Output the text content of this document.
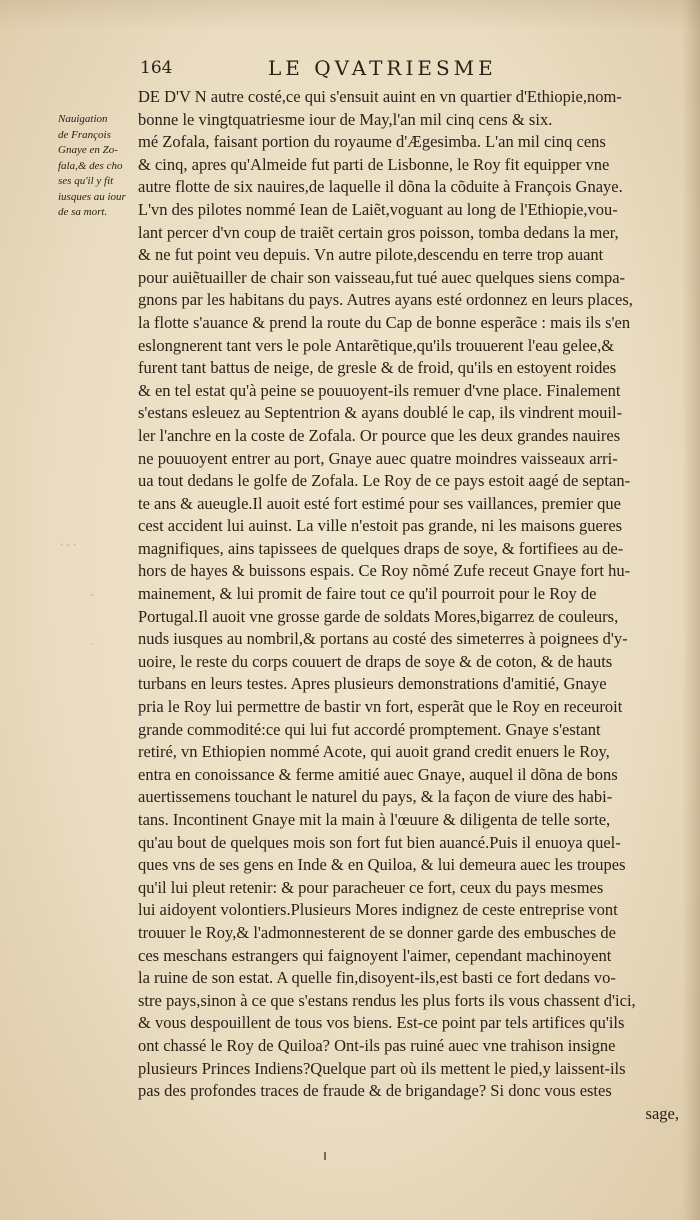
164	LE QVATRIESME
Nauigation
de François
Gnaye en Zo-
fala,& des cho
ses qu'il y fit
iusques au iour
de sa mort.
DE D'V N autre costé,ce qui s'ensuit auint en vn quartier d'Ethiopie,nom-
bonne le vingtquatriesme iour de May,l'an mil cinq cens & six.
mé Zofala, faisant portion du royaume d'Ægesimba. L'an mil cinq cens
& cinq, apres qu'Almeide fut parti de Lisbonne, le Roy fit equipper vne
autre flotte de six nauires,de laquelle il dõna la cõduite à François Gnaye.
L'vn des pilotes nommé Iean de Laiẽt,voguant au long de l'Ethiopie,vou-
lant percer d'vn coup de traiẽt certain gros poisson, tomba dedans la mer,
& ne fut point veu depuis. Vn autre pilote,descendu en terre trop auant
pour auiẽtuailler de chair son vaisseau,fut tué auec quelques siens compa-
gnons par les habitans du pays. Autres ayans esté ordonnez en leurs places,
la flotte s'auance & prend la route du Cap de bonne esperãce : mais ils s'en
eslongnerent tant vers le pole Antarẽtique,qu'ils trouuerent l'eau gelee,&
furent tant battus de neige, de gresle & de froid, qu'ils en estoyent roides
& en tel estat qu'à peine se pouuoyent-ils remuer d'vne place. Finalement
s'estans esleuez au Septentrion & ayans doublé le cap, ils vindrent mouil-
ler l'anchre en la coste de Zofala. Or pource que les deux grandes nauires
ne pouuoyent entrer au port, Gnaye auec quatre moindres vaisseaux arri-
ua tout dedans le golfe de Zofala. Le Roy de ce pays estoit aagé de septan-
te ans & aueugle.Il auoit esté fort estimé pour ses vaillances, premier que
cest accident lui auinst. La ville n'estoit pas grande, ni les maisons gueres
magnifiques, ains tapissees de quelques draps de soye, & fortifiees au de-
hors de hayes & buissons espais. Ce Roy nõmé Zufe receut Gnaye fort hu-
mainement, & lui promit de faire tout ce qu'il pourroit pour le Roy de
Portugal.Il auoit vne grosse garde de soldats Mores,bigarrez de couleurs,
nuds iusques au nombril,& portans au costé des simeterres à poignees d'y-
uoire, le reste du corps couuert de draps de soye & de coton, & de hauts
turbans en leurs testes. Apres plusieurs demonstrations d'amitié, Gnaye
pria le Roy lui permettre de bastir vn fort, esperãt que le Roy en receuroit
grande commodité:ce qui lui fut accordé promptement. Gnaye s'estant
retiré, vn Ethiopien nommé Acote, qui auoit grand credit enuers le Roy,
entra en conoissance & ferme amitié auec Gnaye, auquel il dõna de bons
auertissemens touchant le naturel du pays, & la façon de viure des habi-
tans. Incontinent Gnaye mit la main à l'œuure & diligenta de telle sorte,
qu'au bout de quelques mois son fort fut bien auancé.Puis il enuoya quel-
ques vns de ses gens en Inde & en Quiloa, & lui demeura auec les troupes
qu'il lui pleut retenir: & pour paracheuer ce fort, ceux du pays mesmes
lui aidoyent volontiers.Plusieurs Mores indignez de ceste entreprise vont
trouuer le Roy,& l'admonnesterent de se donner garde des embusches de
ces meschans estrangers qui faignoyent l'aimer, cependant machinoyent
la ruine de son estat. A quelle fin,disoyent-ils,est basti ce fort dedans vo-
stre pays,sinon à ce que s'estans rendus les plus forts ils vous chassent d'ici,
& vous despouillent de tous vos biens. Est-ce point par tels artifices qu'ils
ont chassé le Roy de Quiloa? Ont-ils pas ruiné auec vne trahison insigne
plusieurs Princes Indiens?Quelque part où ils mettent le pied,y laissent-ils
pas des profondes traces de fraude & de brigandage? Si donc vous estes
sage,
· ‑ ·
‑
·
